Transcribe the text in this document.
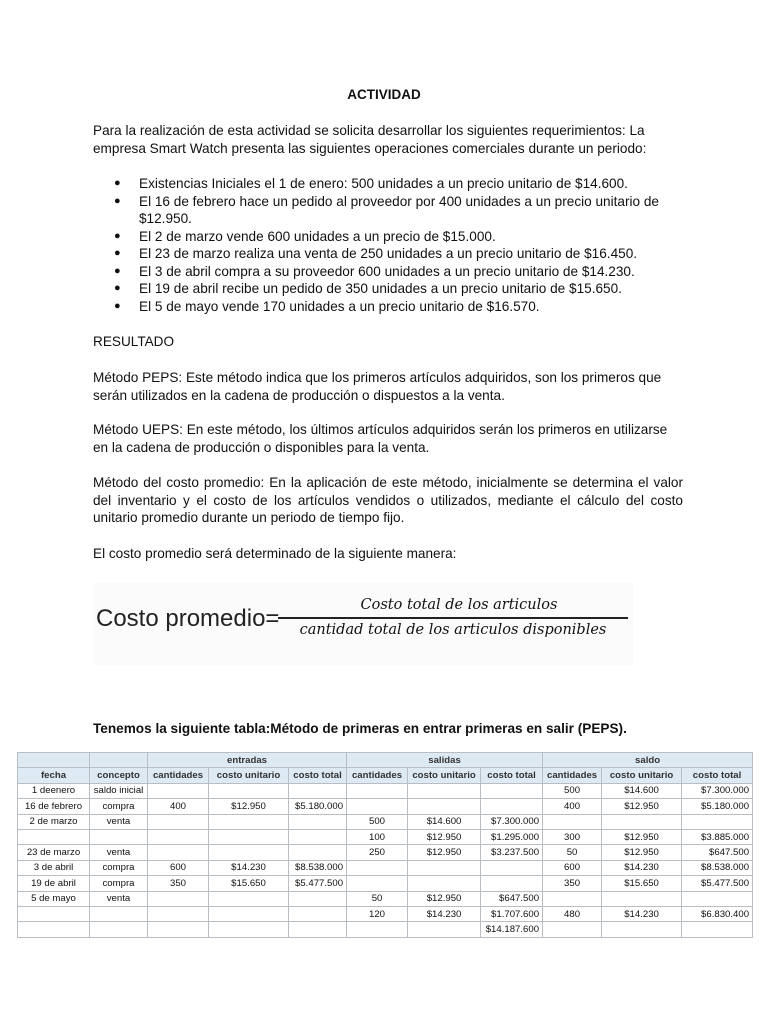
ACTIVIDAD

Para la realización de esta actividad se solicita desarrollar los siguientes requerimientos: La empresa Smart Watch presenta las siguientes operaciones comerciales durante un periodo:

● Existencias Iniciales el 1 de enero: 500 unidades a un precio unitario de $14.600.
● El 16 de febrero hace un pedido al proveedor por 400 unidades a un precio unitario de $12.950.
● El 2 de marzo vende 600 unidades a un precio de $15.000.
● El 23 de marzo realiza una venta de 250 unidades a un precio unitario de $16.450.
● El 3 de abril compra a su proveedor 600 unidades a un precio unitario de $14.230.
● El 19 de abril recibe un pedido de 350 unidades a un precio unitario de $15.650.
● El 5 de mayo vende 170 unidades a un precio unitario de $16.570.

RESULTADO

Método PEPS: Este método indica que los primeros artículos adquiridos, son los primeros que serán utilizados en la cadena de producción o dispuestos a la venta.

Método UEPS: En este método, los últimos artículos adquiridos serán los primeros en utilizarse en la cadena de producción o disponibles para la venta.

Método del costo promedio: En la aplicación de este método, inicialmente se determina el valor del inventario y el costo de los artículos vendidos o utilizados, mediante el cálculo del costo unitario promedio durante un periodo de tiempo fijo.

El costo promedio será determinado de la siguiente manera:

Costo promedio=	Costo total de los articulos
cantidad total de los articulos disponibles
Tenemos la siguiente tabla:Método de primeras en entrar primeras en salir (PEPS).
		entradas			salidas			saldo		
fecha	concepto	cantidades	costo unitario	costo total	cantidades	costo unitario	costo total	cantidades	costo unitario	costo total
1 deenero	saldo inicial							500	$14.600	$7.300.000
16 de febrero	compra	400	$12.950	$5.180.000				400	$12.950	$5.180.000
2 de marzo	venta				500	$14.600	$7.300.000			
					100	$12.950	$1.295.000	300	$12.950	$3.885.000
23 de marzo	venta				250	$12.950	$3.237.500	50	$12.950	$647.500
3 de abril	compra	600	$14.230	$8.538.000				600	$14.230	$8.538.000
19 de abril	compra	350	$15.650	$5.477.500				350	$15.650	$5.477.500
5 de mayo	venta				50	$12.950	$647.500			
					120	$14.230	$1.707.600	480	$14.230	$6.830.400
							$14.187.600			
